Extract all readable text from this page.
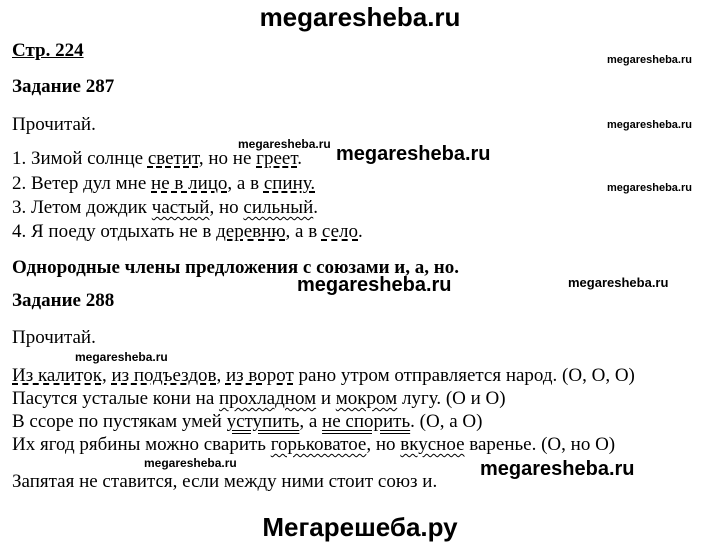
megaresheba.ru
Стр. 224	megaresheba.ru
megaresheba.ru
megaresheba.ru
megaresheba.ru
megaresheba.ru
megaresheba.ru
megaresheba.ru
megaresheba.ru
megaresheba.ru
megaresheba.ru
Задание 287
Прочитай.
1. Зимой солнце светит, но не греет.
2. Ветер дул мне не в лицо, а в спину.
3. Летом дождик частый, но сильный.
4. Я поеду отдыхать не в деревню, а в село.
Однородные члены предложения с союзами и, а, но.
Задание 288
Прочитай.
Из калиток, из подъездов, из ворот рано утром отправляется народ. (О, О, О)
Пасутся усталые кони на прохладном и мокром лугу. (О и О)
В ссоре по пустякам умей уступить, а не спорить. (О, а О)
Их ягод рябины можно сварить горьковатое, но вкусное варенье. (О, но О)
Запятая не ставится, если между ними стоит союз и.
Мегарешеба.ру
